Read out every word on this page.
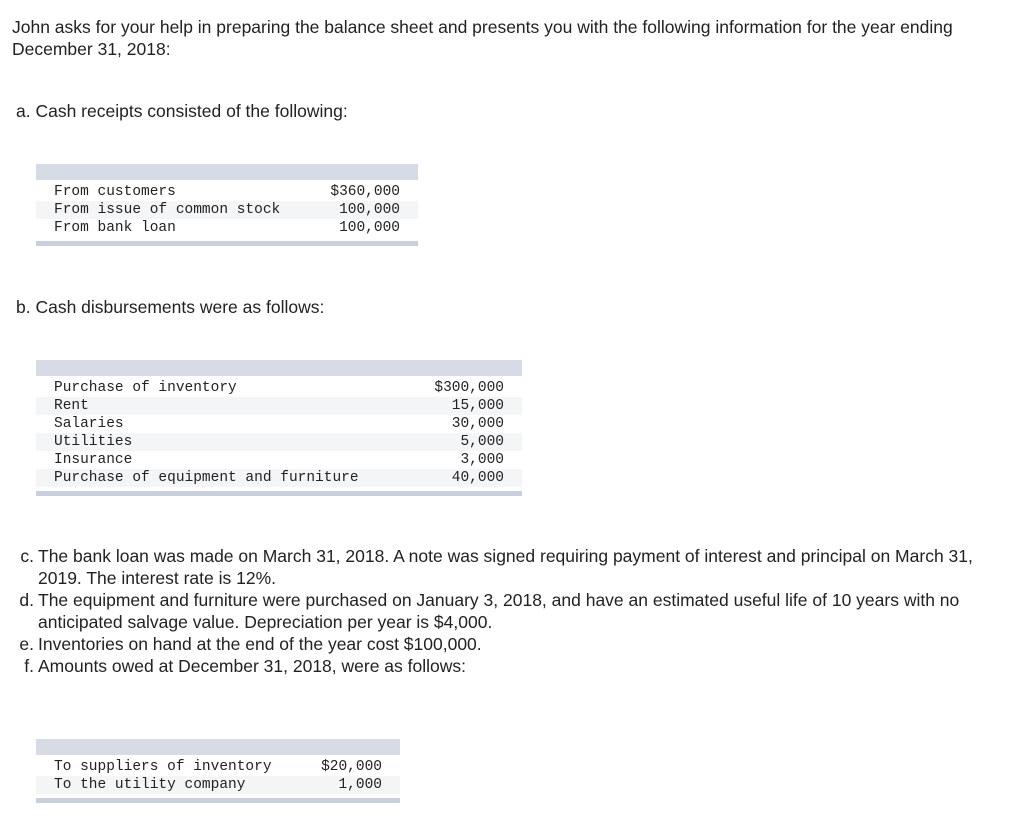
John asks for your help in preparing the balance sheet and presents you with the following information for the year ending December 31, 2018:

a. Cash receipts consisted of the following:

From customers	$360,000
From issue of common stock	100,000
From bank loan	100,000

b. Cash disbursements were as follows:

Purchase of inventory	$300,000
Rent	15,000
Salaries	30,000
Utilities	5,000
Insurance	3,000
Purchase of equipment and furniture	40,000
c. The bank loan was made on March 31, 2018. A note was signed requiring payment of interest and principal on March 31, 2019. The interest rate is 12%.
d. The equipment and furniture were purchased on January 3, 2018, and have an estimated useful life of 10 years with no anticipated salvage value. Depreciation per year is $4,000.
e. Inventories on hand at the end of the year cost $100,000.
f. Amounts owed at December 31, 2018, were as follows:
To suppliers of inventory	$20,000
To the utility company	1,000
